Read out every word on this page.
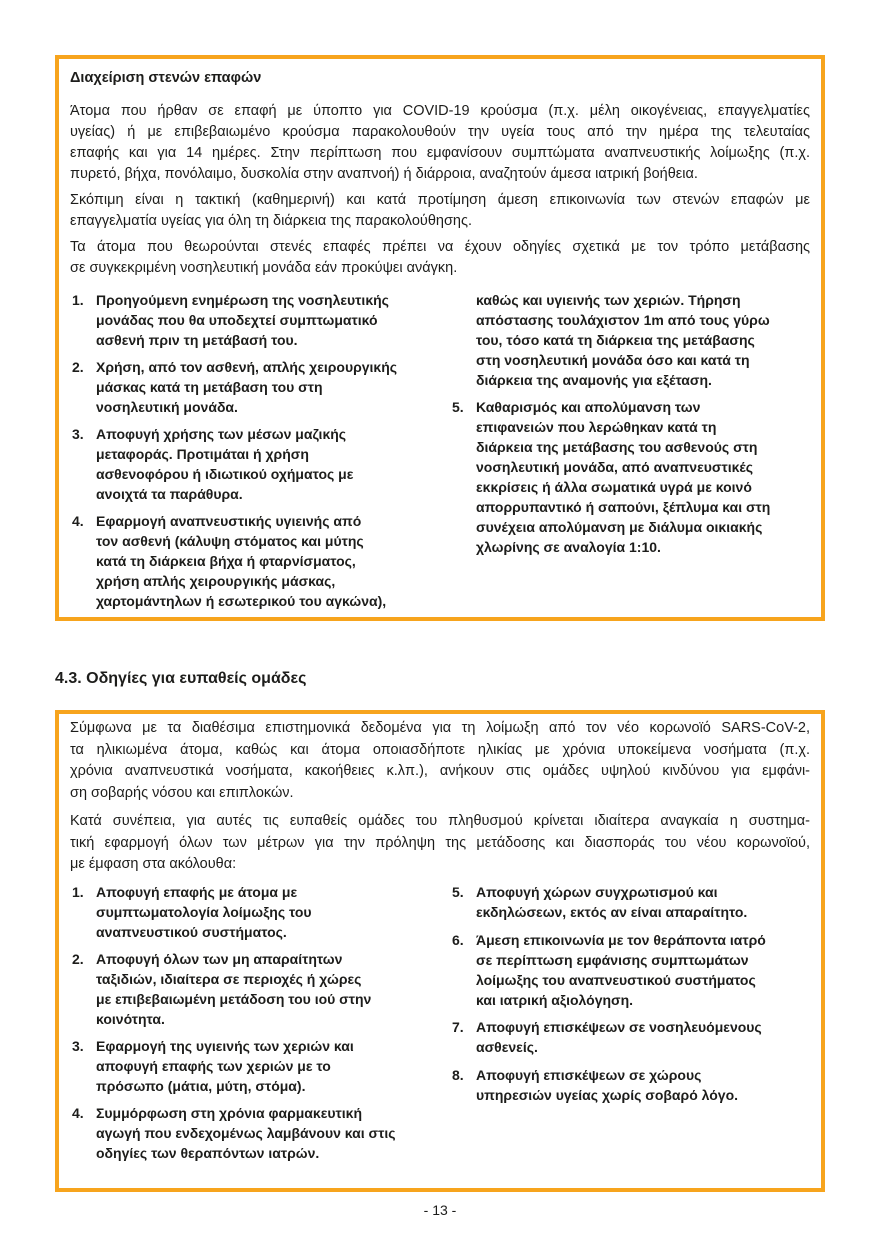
Διαχείριση στενών επαφών
Άτομα που ήρθαν σε επαφή με ύποπτο για COVID-19 κρούσμα (π.χ. μέλη οικογένειας, επαγγελματίες
υγείας) ή με επιβεβαιωμένο κρούσμα παρακολουθούν την υγεία τους από την ημέρα της τελευταίας
επαφής και για 14 ημέρες. Στην περίπτωση που εμφανίσουν συμπτώματα αναπνευστικής λοίμωξης (π.χ.
πυρετό, βήχα, πονόλαιμο, δυσκολία στην αναπνοή) ή διάρροια, αναζητούν άμεσα ιατρική βοήθεια.
Σκόπιμη είναι η τακτική (καθημερινή) και κατά προτίμηση άμεση επικοινωνία των στενών επαφών με
επαγγελματία υγείας για όλη τη διάρκεια της παρακολούθησης.
Τα άτομα που θεωρούνται στενές επαφές πρέπει να έχουν οδηγίες σχετικά με τον τρόπο μετάβασης
σε συγκεκριμένη νοσηλευτική μονάδα εάν προκύψει ανάγκη.
1. Προηγούμενη ενημέρωση της νοσηλευτικής
μονάδας που θα υποδεχτεί συμπτωματικό
ασθενή πριν τη μετάβασή του.
2. Χρήση, από τον ασθενή, απλής χειρουργικής
μάσκας κατά τη μετάβαση του στη
νοσηλευτική μονάδα.
3. Αποφυγή χρήσης των μέσων μαζικής
μεταφοράς. Προτιμάται ή χρήση
ασθενοφόρου ή ιδιωτικού οχήματος με
ανοιχτά τα παράθυρα.
4. Εφαρμογή αναπνευστικής υγιεινής από
τον ασθενή (κάλυψη στόματος και μύτης
κατά τη διάρκεια βήχα ή φταρνίσματος,
χρήση απλής χειρουργικής μάσκας,
χαρτομάντηλων ή εσωτερικού του αγκώνα),
καθώς και υγιεινής των χεριών. Τήρηση
απόστασης τουλάχιστον 1m από τους γύρω
του, τόσο κατά τη διάρκεια της μετάβασης
στη νοσηλευτική μονάδα όσο και κατά τη
διάρκεια της αναμονής για εξέταση.
5. Καθαρισμός και απολύμανση των
επιφανειών που λερώθηκαν κατά τη
διάρκεια της μετάβασης του ασθενούς στη
νοσηλευτική μονάδα, από αναπνευστικές
εκκρίσεις ή άλλα σωματικά υγρά με κοινό
απορρυπαντικό ή σαπούνι, ξέπλυμα και στη
συνέχεια απολύμανση με διάλυμα οικιακής
χλωρίνης σε αναλογία 1:10.
4.3. Οδηγίες για ευπαθείς ομάδες
Σύμφωνα με τα διαθέσιμα επιστημονικά δεδομένα για τη λοίμωξη από τον νέο κορωνοϊό SARS-CoV-2,
τα ηλικιωμένα άτομα, καθώς και άτομα οποιασδήποτε ηλικίας με χρόνια υποκείμενα νοσήματα (π.χ.
χρόνια αναπνευστικά νοσήματα, κακοήθειες κ.λπ.), ανήκουν στις ομάδες υψηλού κινδύνου για εμφάνι-
ση σοβαρής νόσου και επιπλοκών.
Κατά συνέπεια, για αυτές τις ευπαθείς ομάδες του πληθυσμού κρίνεται ιδιαίτερα αναγκαία η συστημα-
τική εφαρμογή όλων των μέτρων για την πρόληψη της μετάδοσης και διασποράς του νέου κορωνοϊού,
με έμφαση στα ακόλουθα:
1. Αποφυγή επαφής με άτομα με
συμπτωματολογία λοίμωξης του
αναπνευστικού συστήματος.
2. Αποφυγή όλων των μη απαραίτητων
ταξιδιών, ιδιαίτερα σε περιοχές ή χώρες
με επιβεβαιωμένη μετάδοση του ιού στην
κοινότητα.
3. Εφαρμογή της υγιεινής των χεριών και
αποφυγή επαφής των χεριών με το
πρόσωπο (μάτια, μύτη, στόμα).
4. Συμμόρφωση στη χρόνια φαρμακευτική
αγωγή που ενδεχομένως λαμβάνουν και στις
οδηγίες των θεραπόντων ιατρών.
5. Αποφυγή χώρων συγχρωτισμού και
εκδηλώσεων, εκτός αν είναι απαραίτητο.
6. Άμεση επικοινωνία με τον θεράποντα ιατρό
σε περίπτωση εμφάνισης συμπτωμάτων
λοίμωξης του αναπνευστικού συστήματος
και ιατρική αξιολόγηση.
7. Αποφυγή επισκέψεων σε νοσηλευόμενους
ασθενείς.
8. Αποφυγή επισκέψεων σε χώρους
υπηρεσιών υγείας χωρίς σοβαρό λόγο.
- 13 -
